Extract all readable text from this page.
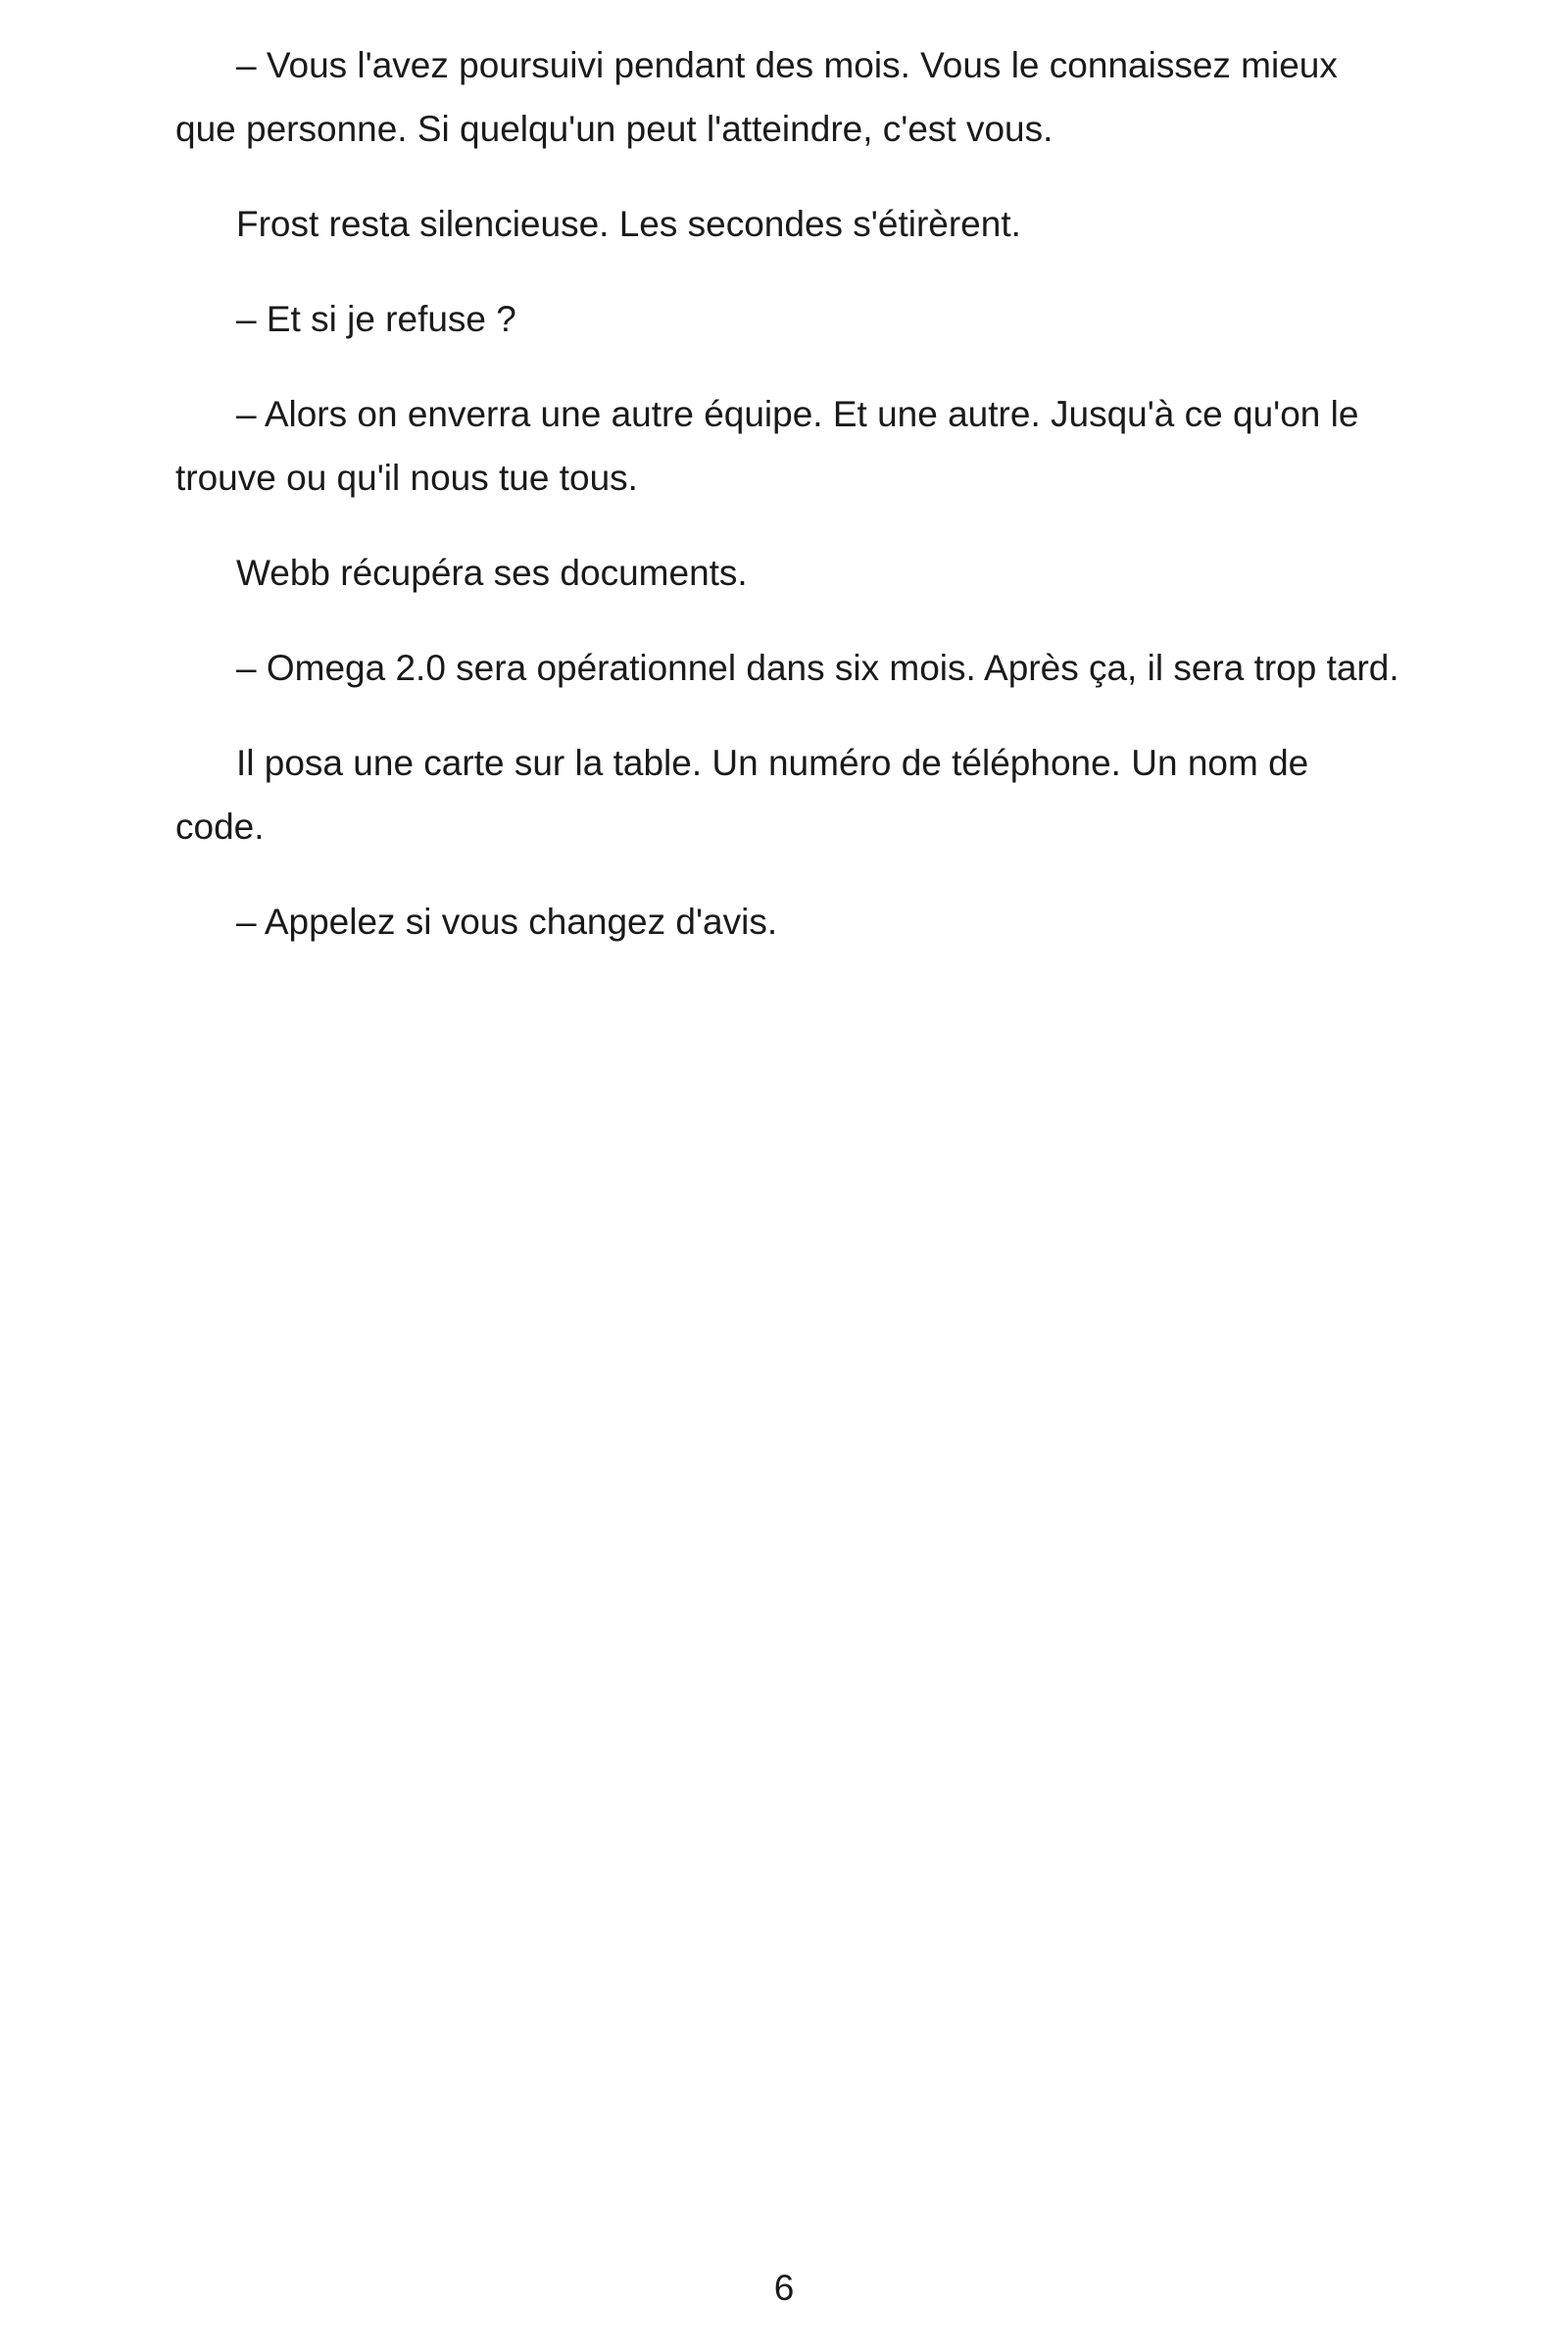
– Vous l'avez poursuivi pendant des mois. Vous le connaissez mieux que personne. Si quelqu'un peut l'atteindre, c'est vous.

Frost resta silencieuse. Les secondes s'étirèrent.

– Et si je refuse ?

– Alors on enverra une autre équipe. Et une autre. Jusqu'à ce qu'on le trouve ou qu'il nous tue tous.

Webb récupéra ses documents.

– Omega 2.0 sera opérationnel dans six mois. Après ça, il sera trop tard.

Il posa une carte sur la table. Un numéro de téléphone. Un nom de code.

– Appelez si vous changez d'avis.

6
